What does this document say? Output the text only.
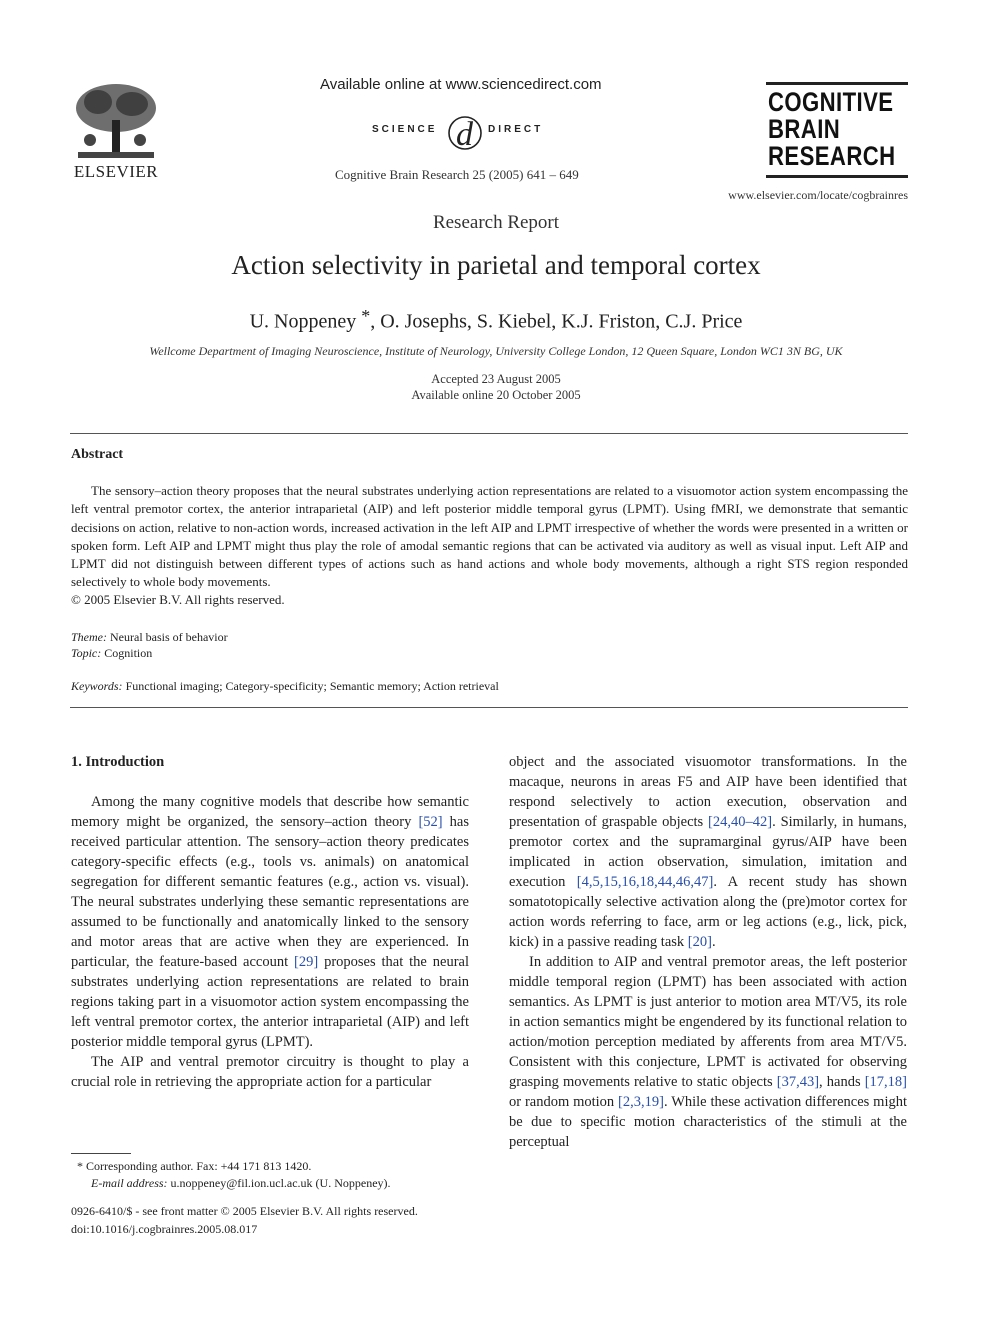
ELSEVIER
Available online at www.sciencedirect.com
d
SCIENCE	DIRECT
Cognitive Brain Research 25 (2005) 641 – 649
COGNITIVE
BRAIN
RESEARCH
www.elsevier.com/locate/cogbrainres
Research Report
Action selectivity in parietal and temporal cortex
U. Noppeney *, O. Josephs, S. Kiebel, K.J. Friston, C.J. Price
Wellcome Department of Imaging Neuroscience, Institute of Neurology, University College London, 12 Queen Square, London WC1 3N BG, UK
Accepted 23 August 2005
Available online 20 October 2005
Abstract
The sensory–action theory proposes that the neural substrates underlying action representations are related to a visuomotor action system encompassing the left ventral premotor cortex, the anterior intraparietal (AIP) and left posterior middle temporal gyrus (LPMT). Using fMRI, we demonstrate that semantic decisions on action, relative to non-action words, increased activation in the left AIP and LPMT irrespective of whether the words were presented in a written or spoken form. Left AIP and LPMT might thus play the role of amodal semantic regions that can be activated via auditory as well as visual input. Left AIP and LPMT did not distinguish between different types of actions such as hand actions and whole body movements, although a right STS region responded selectively to whole body movements.
© 2005 Elsevier B.V. All rights reserved.
Theme: Neural basis of behavior
Topic: Cognition
Keywords: Functional imaging; Category-specificity; Semantic memory; Action retrieval
1. Introduction

Among the many cognitive models that describe how semantic memory might be organized, the sensory–action theory [52] has received particular attention. The sensory–action theory predicates category-specific effects (e.g., tools vs. animals) on anatomical segregation for different semantic features (e.g., action vs. visual). The neural substrates underlying these semantic representations are assumed to be functionally and anatomically linked to the sensory and motor areas that are active when they are experienced. In particular, the feature-based account [29] proposes that the neural substrates underlying action representations are related to brain regions taking part in a visuomotor action system encompassing the left ventral premotor cortex, the anterior intraparietal (AIP) and left posterior middle temporal gyrus (LPMT).

The AIP and ventral premotor circuitry is thought to play a crucial role in retrieving the appropriate action for a particular

object and the associated visuomotor transformations. In the macaque, neurons in areas F5 and AIP have been identified that respond selectively to action execution, observation and presentation of graspable objects [24,40–42]. Similarly, in humans, premotor cortex and the supramarginal gyrus/AIP have been implicated in action observation, simulation, imitation and execution [4,5,15,16,18,44,46,47]. A recent study has shown somatotopically selective activation along the (pre)motor cortex for action words referring to face, arm or leg actions (e.g., lick, pick, kick) in a passive reading task [20].

In addition to AIP and ventral premotor areas, the left posterior middle temporal region (LPMT) has been associated with action semantics. As LPMT is just anterior to motion area MT/V5, its role in action semantics might be engendered by its functional relation to action/motion perception mediated by afferents from area MT/V5. Consistent with this conjecture, LPMT is activated for observing grasping movements relative to static objects [37,43], hands [17,18] or random motion [2,3,19]. While these activation differences might be due to specific motion characteristics of the stimuli at the perceptual

* Corresponding author. Fax: +44 171 813 1420.
E-mail address: u.noppeney@fil.ion.ucl.ac.uk (U. Noppeney).
0926-6410/$ - see front matter © 2005 Elsevier B.V. All rights reserved.
doi:10.1016/j.cogbrainres.2005.08.017
